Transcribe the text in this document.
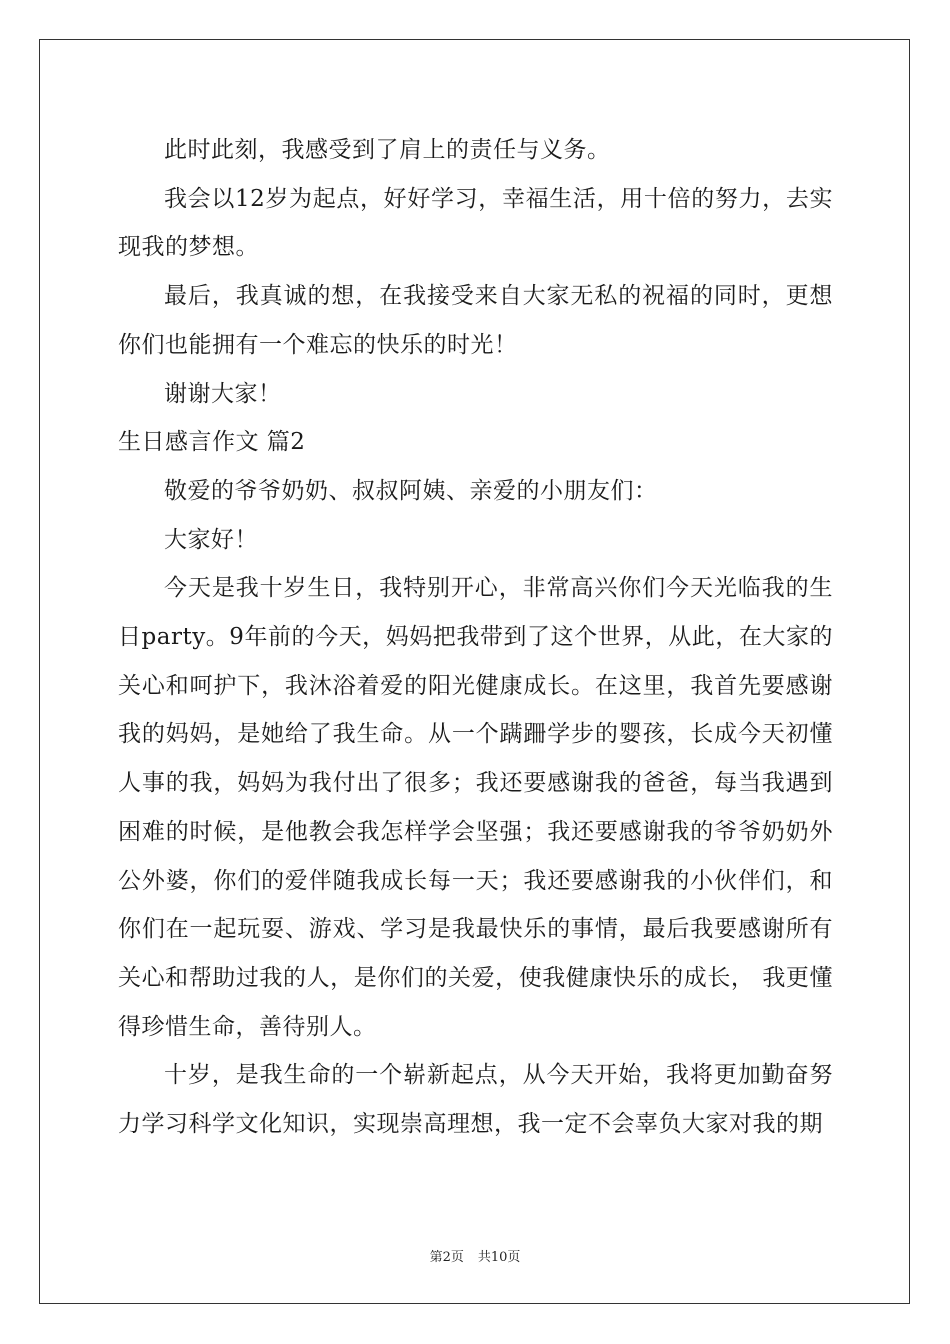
此时此刻，我感受到了肩上的责任与义务。

我会以12岁为起点，好好学习，幸福生活，用十倍的努力，去实现我的梦想。

最后，我真诚的想，在我接受来自大家无私的祝福的同时，更想你们也能拥有一个难忘的快乐的时光！

谢谢大家！

生日感言作文 篇2

敬爱的爷爷奶奶、叔叔阿姨、亲爱的小朋友们：

大家好！

今天是我十岁生日，我特别开心，非常高兴你们今天光临我的生日party。9年前的今天，妈妈把我带到了这个世界，从此，在大家的关心和呵护下，我沐浴着爱的阳光健康成长。在这里，我首先要感谢我的妈妈，是她给了我生命。从一个蹒跚学步的婴孩，长成今天初懂人事的我，妈妈为我付出了很多；我还要感谢我的爸爸，每当我遇到困难的时候，是他教会我怎样学会坚强；我还要感谢我的爷爷奶奶外公外婆，你们的爱伴随我成长每一天；我还要感谢我的小伙伴们，和你们在一起玩耍、游戏、学习是我最快乐的事情，最后我要感谢所有关心和帮助过我的人，是你们的关爱，使我健康快乐的成长， 我更懂得珍惜生命，善待别人。

十岁，是我生命的一个崭新起点，从今天开始，我将更加勤奋努力学习科学文化知识，实现崇高理想，我一定不会辜负大家对我的期

第2页 共10页
